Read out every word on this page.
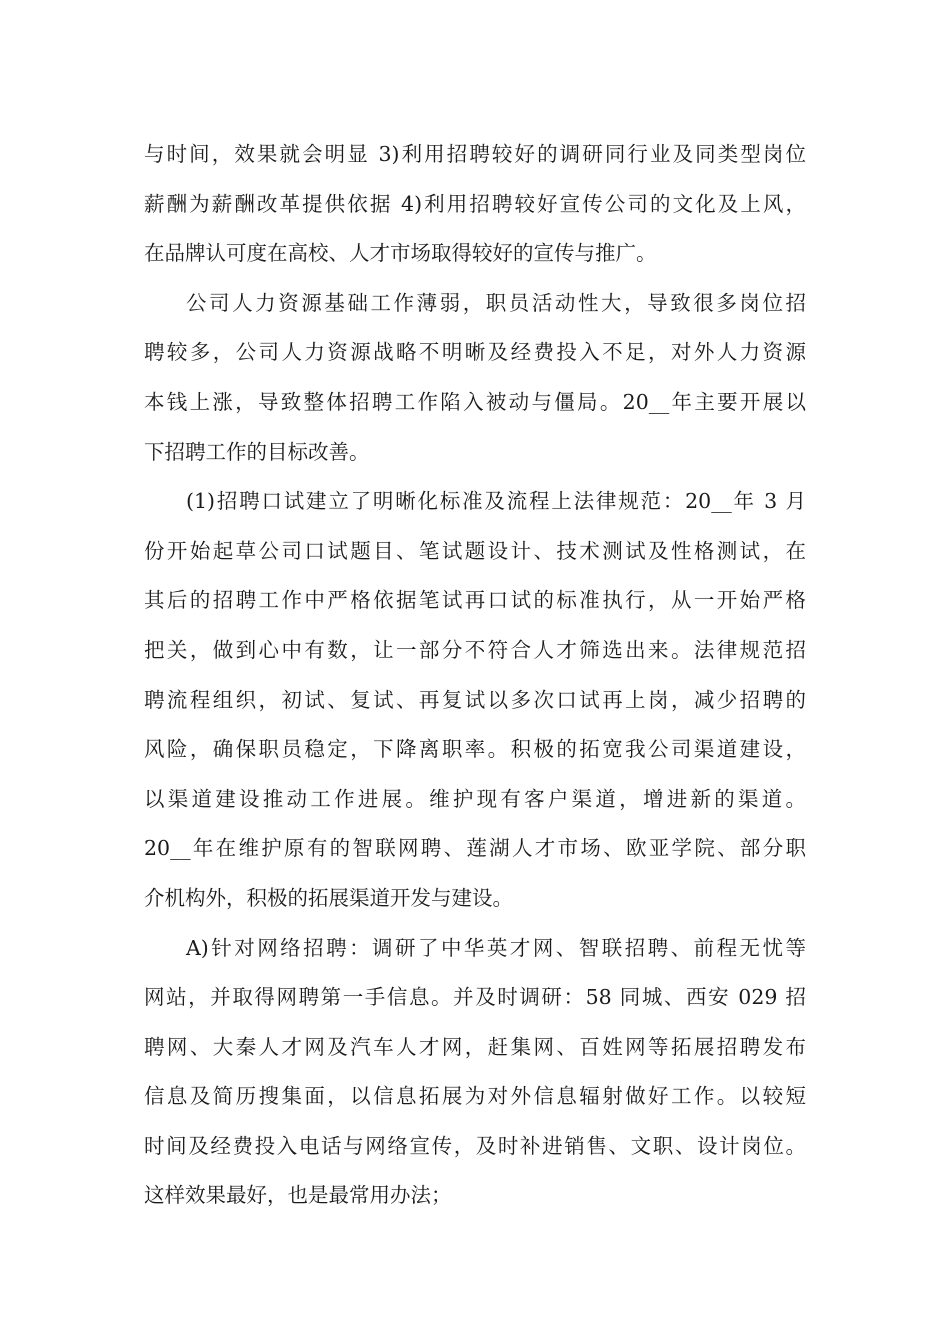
与时间，效果就会明显 3)利用招聘较好的调研同行业及同类型岗位
薪酬为薪酬改革提供依据 4)利用招聘较好宣传公司的文化及上风，
在品牌认可度在高校、人才市场取得较好的宣传与推广。
公司人力资源基础工作薄弱，职员活动性大，导致很多岗位招
聘较多，公司人力资源战略不明晰及经费投入不足，对外人力资源
本钱上涨，导致整体招聘工作陷入被动与僵局。20__年主要开展以
下招聘工作的目标改善。
(1)招聘口试建立了明晰化标准及流程上法律规范：20__年 3 月
份开始起草公司口试题目、笔试题设计、技术测试及性格测试，在
其后的招聘工作中严格依据笔试再口试的标准执行，从一开始严格
把关，做到心中有数，让一部分不符合人才筛选出来。法律规范招
聘流程组织，初试、复试、再复试以多次口试再上岗，减少招聘的
风险，确保职员稳定，下降离职率。积极的拓宽我公司渠道建设，
以渠道建设推动工作进展。维护现有客户渠道，增进新的渠道。
20__年在维护原有的智联网聘、莲湖人才市场、欧亚学院、部分职
介机构外，积极的拓展渠道开发与建设。
A)针对网络招聘：调研了中华英才网、智联招聘、前程无忧等
网站，并取得网聘第一手信息。并及时调研：58 同城、西安 029 招
聘网、大秦人才网及汽车人才网，赶集网、百姓网等拓展招聘发布
信息及简历搜集面，以信息拓展为对外信息辐射做好工作。以较短
时间及经费投入电话与网络宣传，及时补进销售、文职、设计岗位。
这样效果最好，也是最常用办法；
